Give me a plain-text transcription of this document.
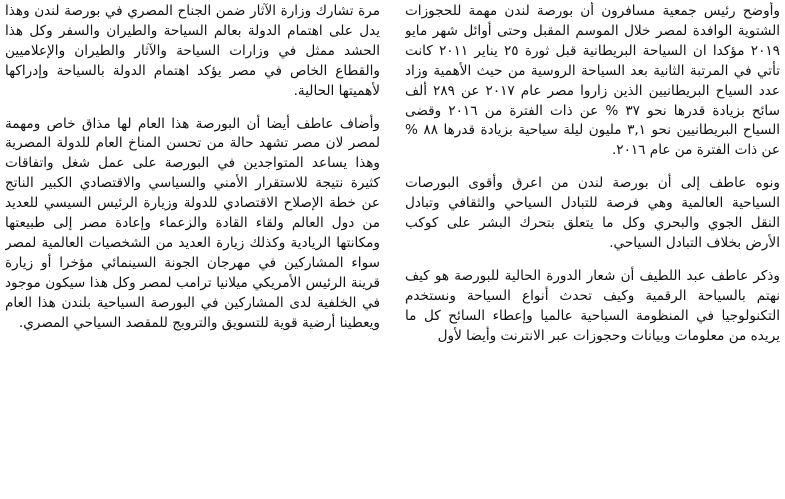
وأوضح رئيس جمعية مسافرون أن بورصة لندن مهمة للحجوزات الشتوية الوافدة لمصر خلال الموسم المقبل وحتى أوائل شهر مايو ٢٠١٩ مؤكدا ان السياحة البريطانية قبل ثورة ٢٥ يناير ٢٠١١ كانت تأتي في المرتبة الثانية بعد السياحة الروسية من حيث الأهمية وزاد عدد السياح البريطانيين الذين زاروا مصر عام ٢٠١٧ عن ٢٨٩ ألف سائح بزيادة قدرها نحو ٣٧ % عن ذات الفترة من ٢٠١٦ وقضى السياح البريطانيين نحو ٣,١ مليون ليلة سياحية بزيادة قدرها ٨٨ % عن ذات الفترة من عام ٢٠١٦.

ونوه عاطف إلى أن بورصة لندن من اعرق وأقوى البورصات السياحية العالمية وهي فرصة للتبادل السياحي والثقافي وتبادل النقل الجوي والبحري وكل ما يتعلق بتحرك البشر على كوكب الأرض بخلاف التبادل السياحي.

وذكر عاطف عبد اللطيف أن شعار الدورة الحالية للبورصة هو كيف نهتم بالسياحة الرقمية وكيف تحدث أنواع السياحة ونستخدم التكنولوجيا في المنظومة السياحية عالميا وإعطاء السائح كل ما يريده من معلومات وبيانات وحجوزات عبر الانترنت وأيضا لأول

مرة تشارك وزارة الآثار ضمن الجناح المصري في بورصة لندن وهذا يدل على اهتمام الدولة بعالم السياحة والطيران والسفر وكل هذا الحشد ممثل في وزارات السياحة والآثار والطيران والإعلاميين والقطاع الخاص في مصر يؤكد اهتمام الدولة بالسياحة وإدراكها لأهميتها الحالية.

وأضاف عاطف أيضا أن البورصة هذا العام لها مذاق خاص ومهمة لمصر لان مصر تشهد حالة من تحسن المناخ العام للدولة المصرية وهذا يساعد المتواجدين في البورصة على عمل شغل واتفاقات كثيرة نتيجة للاستقرار الأمني والسياسي والاقتصادي الكبير الناتج عن خطة الإصلاح الاقتصادي للدولة وزيارة الرئيس السيسي للعديد من دول العالم ولقاء القادة والزعماء وإعادة مصر إلى طبيعتها ومكانتها الريادية وكذلك زيارة العديد من الشخصيات العالمية لمصر سواء المشاركين في مهرجان الجونة السينمائي مؤخرا أو زيارة قرينة الرئيس الأمريكي ميلانيا ترامب لمصر وكل هذا سيكون موجود في الخلفية لدى المشاركين في البورصة السياحية بلندن هذا العام ويعطينا أرضية قوية للتسويق والترويج للمقصد السياحي المصري.
